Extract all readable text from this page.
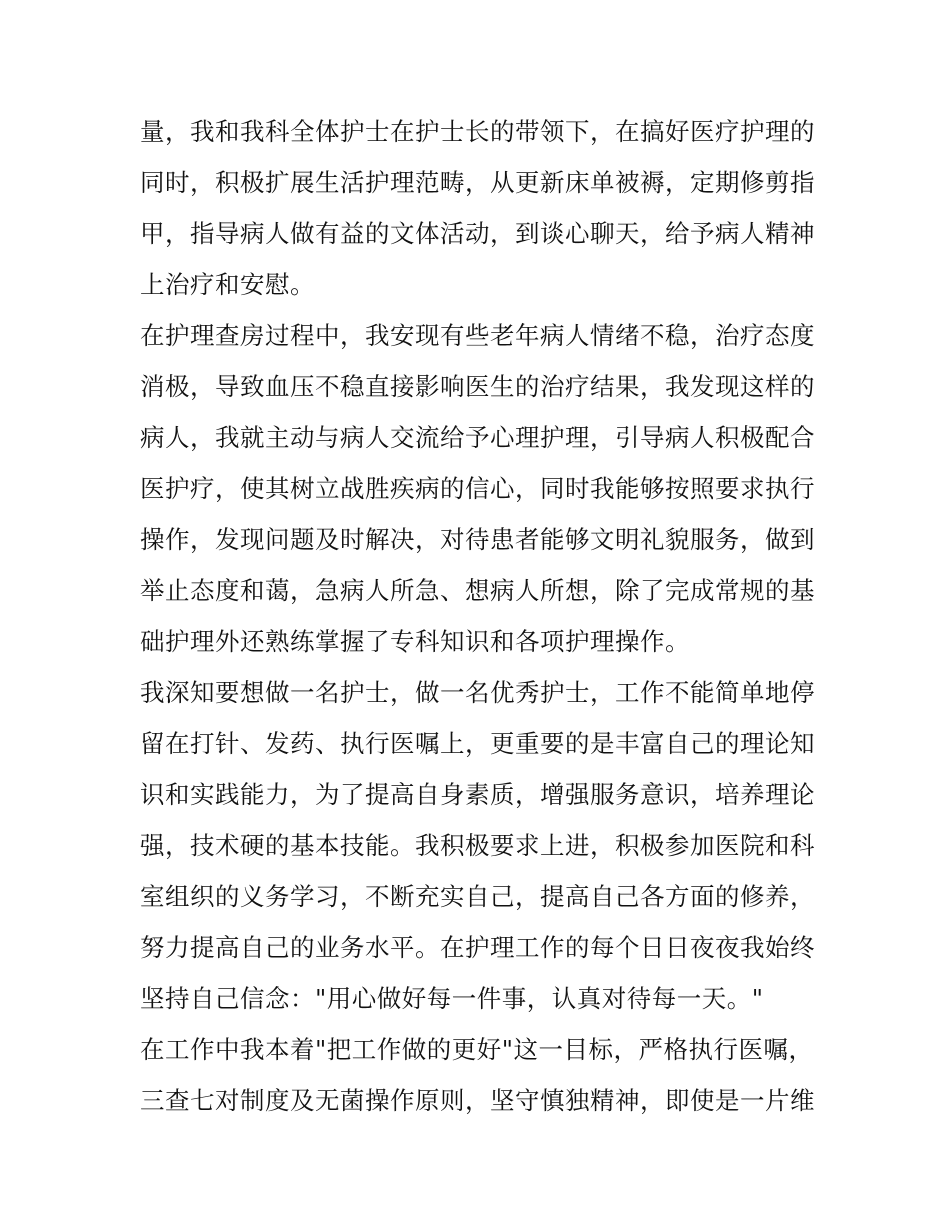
量，我和我科全体护士在护士长的带领下，在搞好医疗护理的
同时，积极扩展生活护理范畴，从更新床单被褥，定期修剪指
甲，指导病人做有益的文体活动，到谈心聊天，给予病人精神
上治疗和安慰。
在护理查房过程中，我安现有些老年病人情绪不稳，治疗态度
消极，导致血压不稳直接影响医生的治疗结果，我发现这样的
病人，我就主动与病人交流给予心理护理，引导病人积极配合
医护疗，使其树立战胜疾病的信心，同时我能够按照要求执行
操作，发现问题及时解决，对待患者能够文明礼貌服务，做到
举止态度和蔼，急病人所急、想病人所想，除了完成常规的基
础护理外还熟练掌握了专科知识和各项护理操作。
我深知要想做一名护士，做一名优秀护士，工作不能简单地停
留在打针、发药、执行医嘱上，更重要的是丰富自己的理论知
识和实践能力，为了提高自身素质，增强服务意识，培养理论
强，技术硬的基本技能。我积极要求上进，积极参加医院和科
室组织的义务学习，不断充实自己，提高自己各方面的修养，
努力提高自己的业务水平。在护理工作的每个日日夜夜我始终
坚持自己信念："用心做好每一件事，认真对待每一天。"
在工作中我本着"把工作做的更好"这一目标，严格执行医嘱，
三查七对制度及无菌操作原则，坚守慎独精神，即使是一片维
